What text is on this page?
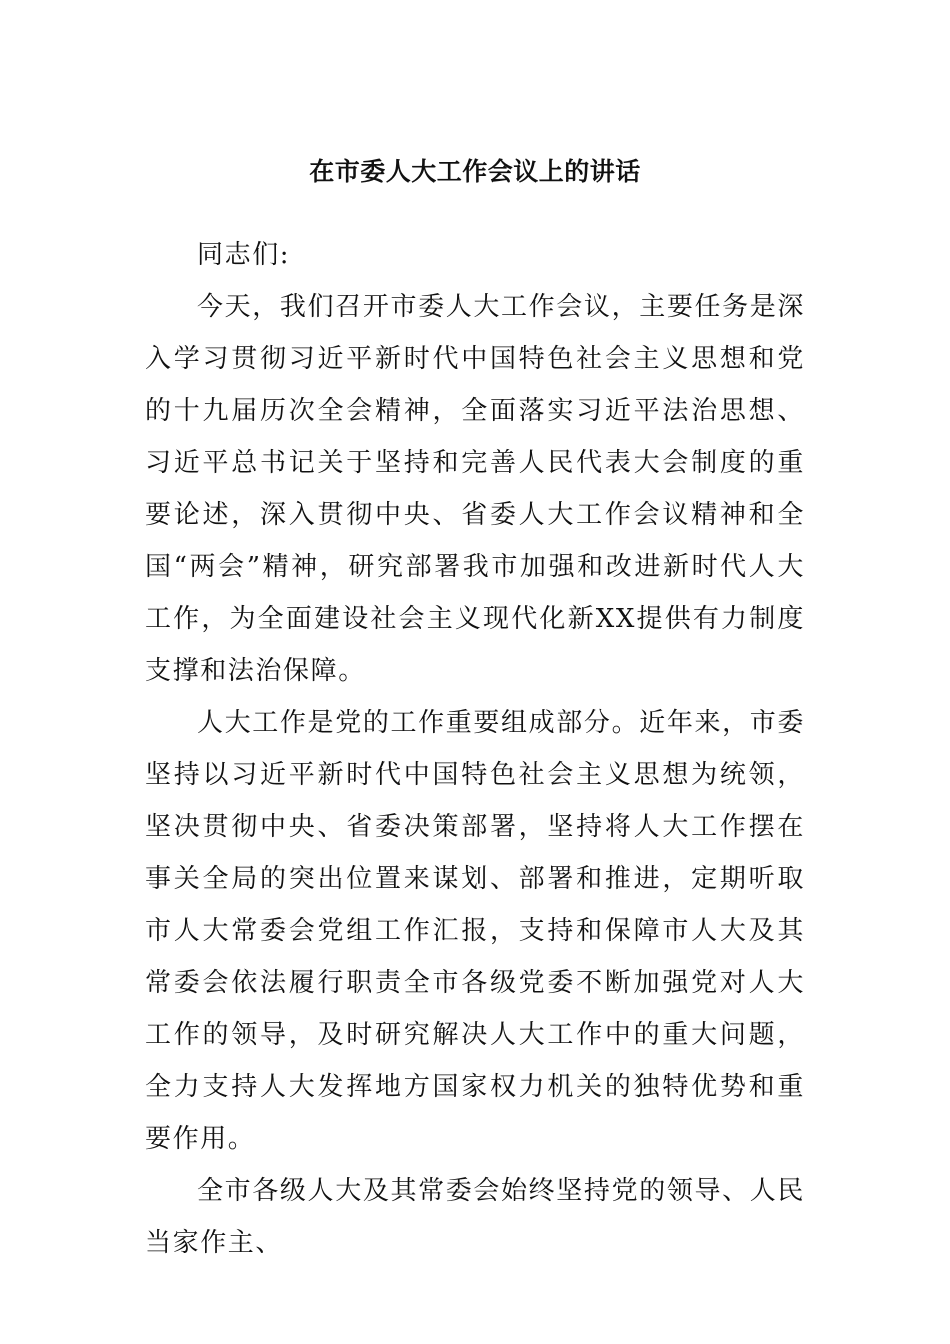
在市委人大工作会议上的讲话

同志们:

今天，我们召开市委人大工作会议，主要任务是深入学习贯彻习近平新时代中国特色社会主义思想和党的十九届历次全会精神，全面落实习近平法治思想、习近平总书记关于坚持和完善人民代表大会制度的重要论述，深入贯彻中央、省委人大工作会议精神和全国“两会”精神，研究部署我市加强和改进新时代人大工作，为全面建设社会主义现代化新XX提供有力制度支撑和法治保障。

人大工作是党的工作重要组成部分。近年来，市委坚持以习近平新时代中国特色社会主义思想为统领，坚决贯彻中央、省委决策部署，坚持将人大工作摆在事关全局的突出位置来谋划、部署和推进，定期听取市人大常委会党组工作汇报，支持和保障市人大及其常委会依法履行职责全市各级党委不断加强党对人大工作的领导，及时研究解决人大工作中的重大问题，全力支持人大发挥地方国家权力机关的独特优势和重要作用。

全市各级人大及其常委会始终坚持党的领导、人民当家作主、
